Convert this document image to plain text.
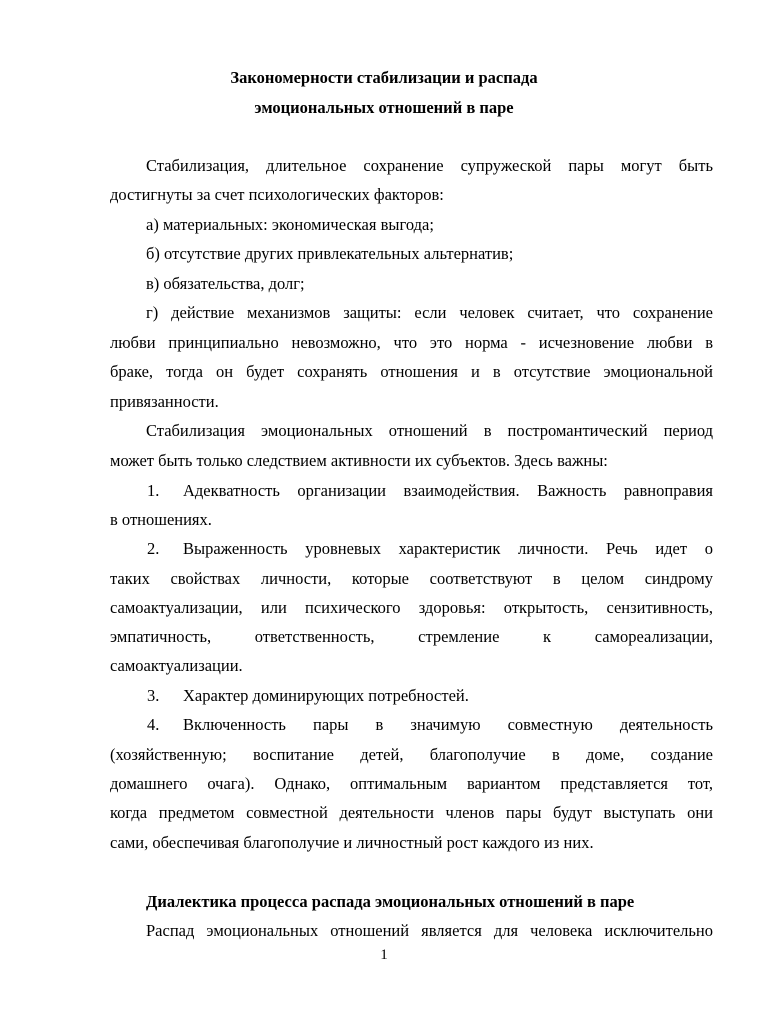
Закономерности стабилизации и распада
эмоциональных отношений в паре
Стабилизация, длительное сохранение супружеской пары могут быть
достигнуты за счет психологических факторов:
а) материальных: экономическая выгода;
б) отсутствие других привлекательных альтернатив;
в) обязательства, долг;
г) действие механизмов защиты: если человек считает, что сохранение
любви принципиально невозможно, что это норма - исчезновение любви в
браке, тогда он будет сохранять отношения и в отсутствие эмоциональной
привязанности.
Стабилизация эмоциональных отношений в постромантический период
может быть только следствием активности их субъектов. Здесь важны:
1. Адекватность организации взаимодействия. Важность равноправия
в отношениях.
2. Выраженность уровневых характеристик личности. Речь идет о
таких свойствах личности, которые соответствуют в целом синдрому
самоактуализации, или психического здоровья: открытость, сензитивность,
эмпатичность, ответственность, стремление к самореализации,
самоактуализации.
3. Характер доминирующих потребностей.
4. Включенность пары в значимую совместную деятельность
(хозяйственную; воспитание детей, благополучие в доме, создание
домашнего очага). Однако, оптимальным вариантом представляется тот,
когда предметом совместной деятельности членов пары будут выступать они
сами, обеспечивая благополучие и личностный рост каждого из них.
Диалектика процесса распада эмоциональных отношений в паре
Распад эмоциональных отношений является для человека исключительно
1
